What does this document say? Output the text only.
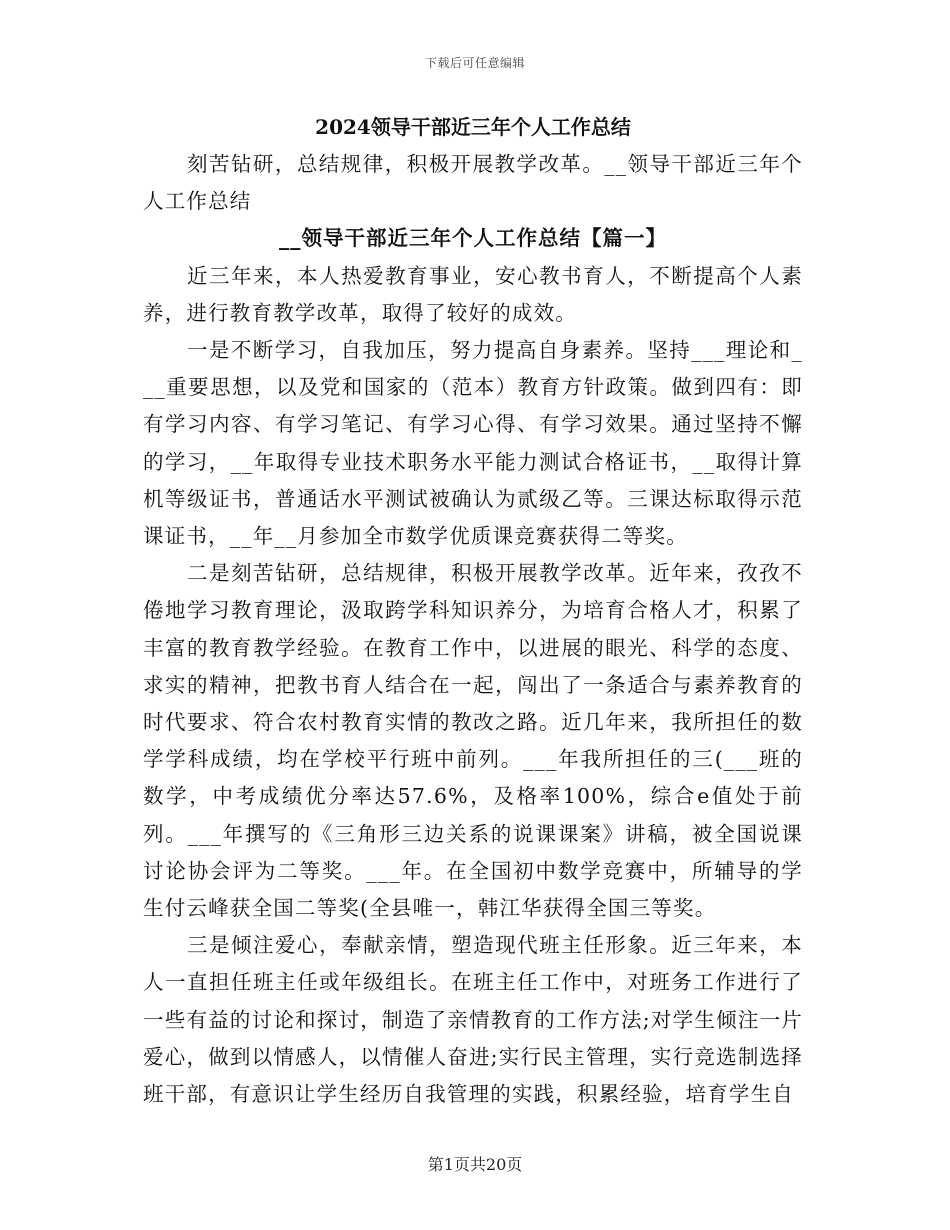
下载后可任意编辑
2024领导干部近三年个人工作总结

刻苦钻研，总结规律，积极开展教学改革。__领导干部近三年个人工作总结

__领导干部近三年个人工作总结【篇一】

近三年来，本人热爱教育事业，安心教书育人，不断提高个人素养，进行教育教学改革，取得了较好的成效。

一是不断学习，自我加压，努力提高自身素养。坚持___理论和___重要思想，以及党和国家的（范本）教育方针政策。做到四有：即有学习内容、有学习笔记、有学习心得、有学习效果。通过坚持不懈的学习，__年取得专业技术职务水平能力测试合格证书，__取得计算机等级证书，普通话水平测试被确认为贰级乙等。三课达标取得示范课证书，__年__月参加全市数学优质课竞赛获得二等奖。

二是刻苦钻研，总结规律，积极开展教学改革。近年来，孜孜不倦地学习教育理论，汲取跨学科知识养分，为培育合格人才，积累了丰富的教育教学经验。在教育工作中，以进展的眼光、科学的态度、求实的精神，把教书育人结合在一起，闯出了一条适合与素养教育的时代要求、符合农村教育实情的教改之路。近几年来，我所担任的数学学科成绩，均在学校平行班中前列。___年我所担任的三(___班的数学，中考成绩优分率达57.6%，及格率100%，综合e值处于前列。___年撰写的《三角形三边关系的说课课案》讲稿，被全国说课讨论协会评为二等奖。___年。在全国初中数学竞赛中，所辅导的学生付云峰获全国二等奖(全县唯一，韩江华获得全国三等奖。

三是倾注爱心，奉献亲情，塑造现代班主任形象。近三年来，本人一直担任班主任或年级组长。在班主任工作中，对班务工作进行了一些有益的讨论和探讨，制造了亲情教育的工作方法;对学生倾注一片爱心，做到以情感人，以情催人奋进;实行民主管理，实行竞选制选择班干部，有意识让学生经历自我管理的实践，积累经验，培育学生自

第1页共20页
